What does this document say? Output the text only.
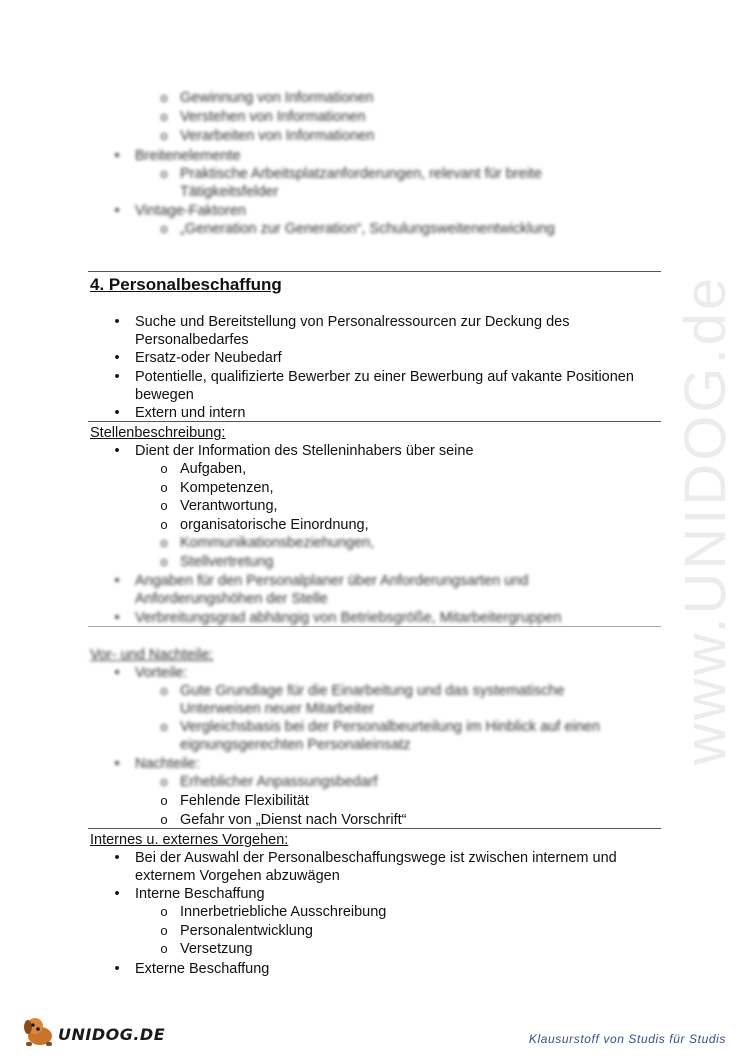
www.UNIDOG.de
o Gewinnung von Informationen
o Verstehen von Informationen
o Verarbeiten von Informationen
•	Breitenelemente
o Praktische Arbeitsplatzanforderungen, relevant für breite
Tätigkeitsfelder
•	Vintage-Faktoren
o „Generation zur Generation“, Schulungsweitenentwicklung
4. Personalbeschaffung
•	Suche und Bereitstellung von Personalressourcen zur Deckung des
Personalbedarfes
•	Ersatz-oder Neubedarf
•	Potentielle, qualifizierte Bewerber zu einer Bewerbung auf vakante Positionen
bewegen
•	Extern und intern
Stellenbeschreibung:
•	Dient der Information des Stelleninhabers über seine
o Aufgaben,
o Kompetenzen,
o Verantwortung,
o organisatorische Einordnung,
o Kommunikationsbeziehungen,
o Stellvertretung
•	Angaben für den Personalplaner über Anforderungsarten und
Anforderungshöhen der Stelle
•	Verbreitungsgrad abhängig von Betriebsgröße, Mitarbeitergruppen
Vor- und Nachteile:
•	Vorteile:
o Gute Grundlage für die Einarbeitung und das systematische
Unterweisen neuer Mitarbeiter
o Vergleichsbasis bei der Personalbeurteilung im Hinblick auf einen
eignungsgerechten Personaleinsatz
•	Nachteile:
o Erheblicher Anpassungsbedarf
o Fehlende Flexibilität
o Gefahr von „Dienst nach Vorschrift“
Internes u. externes Vorgehen:
•	Bei der Auswahl der Personalbeschaffungswege ist zwischen internem und
externem Vorgehen abzuwägen
•	Interne Beschaffung
o Innerbetriebliche Ausschreibung
o Personalentwicklung
o Versetzung
•	Externe Beschaffung
UNIDOG.DE	Klausurstoff von Studis für Studis
